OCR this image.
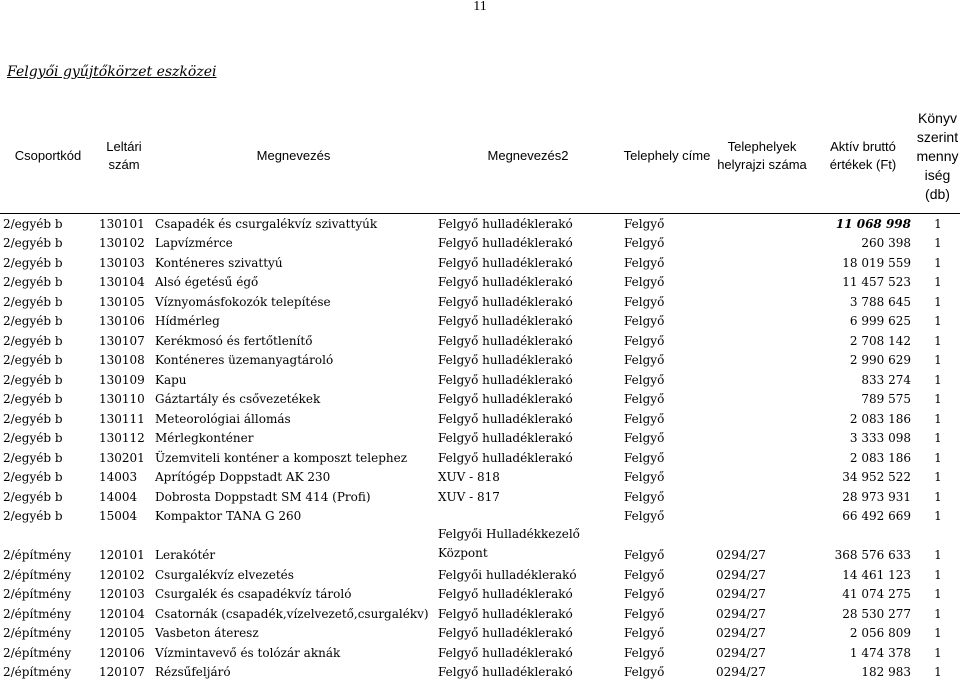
11
Felgyői gyűjtőkörzet eszközei
Csoportkód	Leltári szám	Megnevezés	Megnevezés2	Telephely címe	Telephelyek helyrajzi száma	Aktív bruttó értékek (Ft)	Könyv szerint menny iség (db)
2/egyéb b	130101	Csapadék és csurgalékvíz szivattyúk	Felgyő hulladéklerakó	Felgyő		11 068 998	1
2/egyéb b	130102	Lapvízmérce	Felgyő hulladéklerakó	Felgyő		260 398	1
2/egyéb b	130103	Konténeres szivattyú	Felgyő hulladéklerakó	Felgyő		18 019 559	1
2/egyéb b	130104	Alsó égetésű égő	Felgyő hulladéklerakó	Felgyő		11 457 523	1
2/egyéb b	130105	Víznyomásfokozók telepítése	Felgyő hulladéklerakó	Felgyő		3 788 645	1
2/egyéb b	130106	Hídmérleg	Felgyő hulladéklerakó	Felgyő		6 999 625	1
2/egyéb b	130107	Kerékmosó és fertőtlenítő	Felgyő hulladéklerakó	Felgyő		2 708 142	1
2/egyéb b	130108	Konténeres üzemanyagtároló	Felgyő hulladéklerakó	Felgyő		2 990 629	1
2/egyéb b	130109	Kapu	Felgyő hulladéklerakó	Felgyő		833 274	1
2/egyéb b	130110	Gáztartály és csővezetékek	Felgyő hulladéklerakó	Felgyő		789 575	1
2/egyéb b	130111	Meteorológiai állomás	Felgyő hulladéklerakó	Felgyő		2 083 186	1
2/egyéb b	130112	Mérlegkonténer	Felgyő hulladéklerakó	Felgyő		3 333 098	1
2/egyéb b	130201	Üzemviteli konténer a komposzt telephez	Felgyő hulladéklerakó	Felgyő		2 083 186	1
2/egyéb b	14003	Aprítógép Doppstadt AK 230	XUV - 818	Felgyő		34 952 522	1
2/egyéb b	14004	Dobrosta Doppstadt SM 414 (Profi)	XUV - 817	Felgyő		28 973 931	1
2/egyéb b	15004	Kompaktor TANA G 260		Felgyő		66 492 669	1
2/építmény	120101	Lerakótér	Felgyői Hulladékkezelő Központ	Felgyő	0294/27	368 576 633	1
2/építmény	120102	Csurgalékvíz elvezetés	Felgyői hulladéklerakó	Felgyő	0294/27	14 461 123	1
2/építmény	120103	Csurgalék és csapadékvíz tároló	Felgyő hulladéklerakó	Felgyő	0294/27	41 074 275	1
2/építmény	120104	Csatornák (csapadék,vízelvezető,csurgalékv)	Felgyő hulladéklerakó	Felgyő	0294/27	28 530 277	1
2/építmény	120105	Vasbeton áteresz	Felgyő hulladéklerakó	Felgyő	0294/27	2 056 809	1
2/építmény	120106	Vízmintavevő és tolózár aknák	Felgyő hulladéklerakó	Felgyő	0294/27	1 474 378	1
2/építmény	120107	Rézsűfeljáró	Felgyő hulladéklerakó	Felgyő	0294/27	182 983	1
